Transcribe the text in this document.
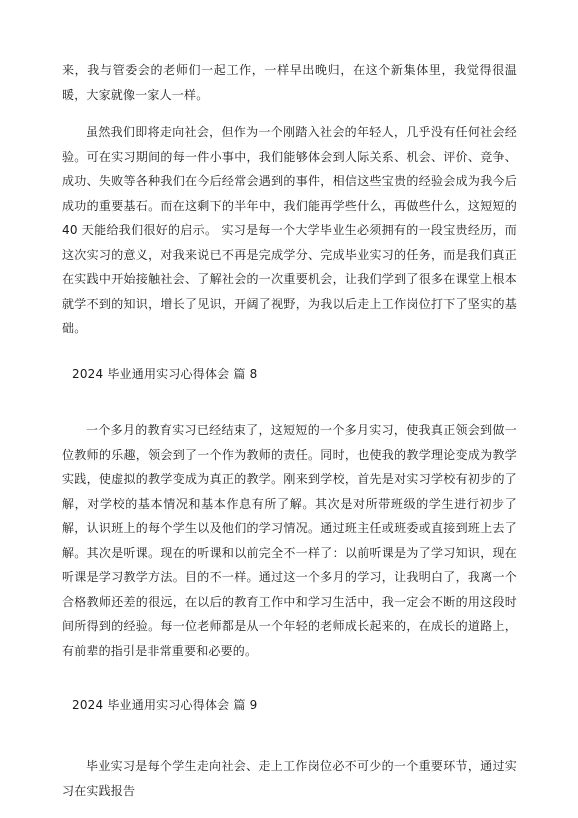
来，我与管委会的老师们一起工作，一样早出晚归，在这个新集体里，我觉得很温暖，大家就像一家人一样。

虽然我们即将走向社会，但作为一个刚踏入社会的年轻人，几乎没有任何社会经验。可在实习期间的每一件小事中，我们能够体会到人际关系、机会、评价、竞争、成功、失败等各种我们在今后经常会遇到的事件，相信这些宝贵的经验会成为我今后成功的重要基石。而在这剩下的半年中，我们能再学些什么，再做些什么，这短短的 40 天能给我们很好的启示。 实习是每一个大学毕业生必须拥有的一段宝贵经历，而这次实习的意义，对我来说已不再是完成学分、完成毕业实习的任务，而是我们真正在实践中开始接触社会、了解社会的一次重要机会，让我们学到了很多在课堂上根本就学不到的知识，增长了见识，开阔了视野，为我以后走上工作岗位打下了坚实的基础。

2024 毕业通用实习心得体会 篇 8

一个多月的教育实习已经结束了，这短短的一个多月实习，使我真正领会到做一位教师的乐趣，领会到了一个作为教师的责任。同时，也使我的教学理论变成为教学实践，使虚拟的教学变成为真正的教学。刚来到学校，首先是对实习学校有初步的了解，对学校的基本情况和基本作息有所了解。其次是对所带班级的学生进行初步了解，认识班上的每个学生以及他们的学习情况。通过班主任或班委或直接到班上去了解。其次是听课。现在的听课和以前完全不一样了：以前听课是为了学习知识，现在听课是学习教学方法。目的不一样。通过这一个多月的学习，让我明白了，我离一个合格教师还差的很远，在以后的教育工作中和学习生活中，我一定会不断的用这段时间所得到的经验。每一位老师都是从一个年轻的老师成长起来的，在成长的道路上，有前辈的指引是非常重要和必要的。

2024 毕业通用实习心得体会 篇 9

毕业实习是每个学生走向社会、走上工作岗位必不可少的一个重要环节，通过实习在实践报告
